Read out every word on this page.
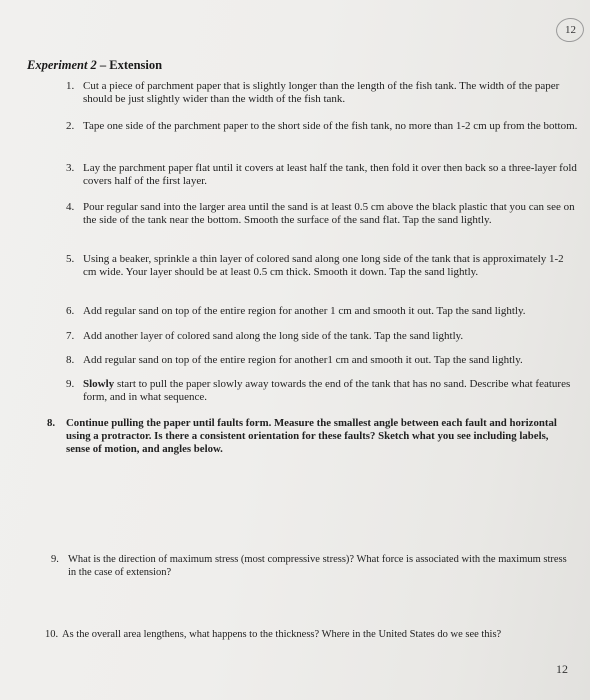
12
Experiment 2 – Extension
1. Cut a piece of parchment paper that is slightly longer than the length of the fish tank. The width of the paper should be just slightly wider than the width of the fish tank.
2. Tape one side of the parchment paper to the short side of the fish tank, no more than 1-2 cm up from the bottom.
3. Lay the parchment paper flat until it covers at least half the tank, then fold it over then back so a three-layer fold covers half of the first layer.
4. Pour regular sand into the larger area until the sand is at least 0.5 cm above the black plastic that you can see on the side of the tank near the bottom. Smooth the surface of the sand flat. Tap the sand lightly.
5. Using a beaker, sprinkle a thin layer of colored sand along one long side of the tank that is approximately 1-2 cm wide. Your layer should be at least 0.5 cm thick. Smooth it down. Tap the sand lightly.
6. Add regular sand on top of the entire region for another 1 cm and smooth it out. Tap the sand lightly.
7. Add another layer of colored sand along the long side of the tank. Tap the sand lightly.
8. Add regular sand on top of the entire region for another1 cm and smooth it out. Tap the sand lightly.
9. Slowly start to pull the paper slowly away towards the end of the tank that has no sand. Describe what features form, and in what sequence.
8.	Continue pulling the paper until faults form. Measure the smallest angle between each fault and horizontal using a protractor. Is there a consistent orientation for these faults? Sketch what you see including labels, sense of motion, and angles below.
9. What is the direction of maximum stress (most compressive stress)? What force is associated with the maximum stress in the case of extension?
10. As the overall area lengthens, what happens to the thickness? Where in the United States do we see this?
12
